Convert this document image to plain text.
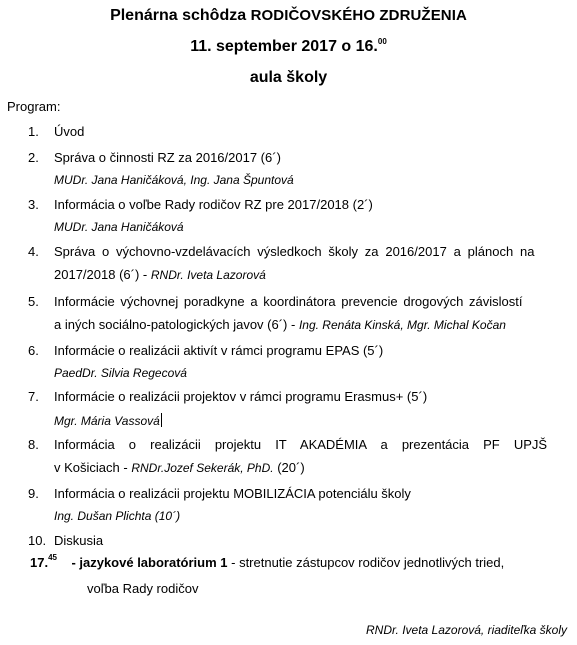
Plenárna schôdza RODIČOVSKÉHO ZDRUŽENIA
11. september 2017 o 16.00
aula školy
Program:
1.	Úvod
2.	Správa o činnosti RZ za 2016/2017 (6´)
MUDr. Jana Haničáková, Ing. Jana Špuntová
3.	Informácia o voľbe Rady rodičov RZ pre 2017/2018 (2´)
MUDr. Jana Haničáková
4.	Správa o výchovno-vzdelávacích výsledkoch školy za 2016/2017 a plánoch na
2017/2018 (6´) - RNDr. Iveta Lazorová
5.	Informácie výchovnej poradkyne a koordinátora prevencie drogových závislostí
a iných sociálno-patologických javov (6´) - Ing. Renáta Kinská, Mgr. Michal Kočan
6.	Informácie o realizácii aktivít v rámci programu EPAS (5´)
PaedDr. Silvia Regecová
7.	Informácie o realizácii projektov v rámci programu Erasmus+ (5´)
Mgr. Mária Vassová
8.	Informácia o realizácii projektu IT AKADÉMIA a prezentácia PF UPJŠ
v Košiciach - RNDr.Jozef Sekerák, PhD. (20´)
9.	Informácia o realizácii projektu MOBILIZÁCIA potenciálu školy
Ing. Dušan Plichta (10´)
10. Diskusia
17.45 - jazykové laboratórium 1 - stretnutie zástupcov rodičov jednotlivých tried,
voľba Rady rodičov
RNDr. Iveta Lazorová, riaditeľka školy
